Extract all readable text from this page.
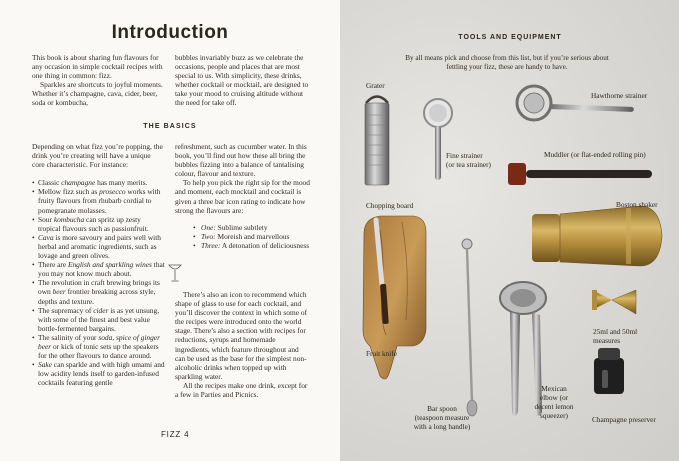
Introduction

This book is about sharing fun flavours for any occasion in simple cocktail recipes with one thing in common: fizz.

Sparkles are shortcuts to joyful moments. Whether it’s champagne, cava, cider, beer, soda or kombucha,

bubbles invariably buzz as we celebrate the occasions, people and places that are most special to us. With simplicity, these drinks, whether cocktail or mocktail, are designed to take your mood to cruising altitude without the need for take off.

THE BASICS

Depending on what fizz you’re popping, the drink you’re creating will have a unique core characteristic. For instance:

• Classic champagne has many merits.
• Mellow fizz such as prosecco works with fruity flavours from rhubarb cordial to pomegranate molasses.
• Sour kombucha can spritz up zesty tropical flavours such as passionfruit.
• Cava is more savoury and pairs well with herbal and aromatic ingredients, such as lovage and green olives.
• There are English and sparkling wines that you may not know much about.
• The revolution in craft brewing brings its own beer frontier breaking across style, depths and texture.
• The supremacy of cider is as yet unsung, with some of the finest and best value bottle-fermented bargains.
• The salinity of your soda, spice of ginger beer or kick of tonic sets up the speakers for the other flavours to dance around.
• Sake can sparkle and with high umami and low acidity lends itself to garden-infused cocktails featuring gentle

refreshment, such as cucumber water. In this book, you’ll find out how these all bring the bubbles fizzing into a balance of tantalising colour, flavour and texture.

To help you pick the right sip for the mood and moment, each mocktail and cocktail is given a three bar icon rating to indicate how strong the flavours are:

• One: Sublime subtlety
• Two: Moreish and marvellous
• Three: A detonation of deliciousness

There’s also an icon to recommend which shape of glass to use for each cocktail, and you’ll discover the context in which some of the recipes were introduced onto the world stage. There’s also a section with recipes for reductions, syrups and homemade ingredients, which feature throughout and can be used as the base for the simplest non-alcoholic drinks when topped up with sparkling water.

All the recipes make one drink, except for a few in Parties and Picnics.

FIZZ 4
TOOLS AND EQUIPMENT
By all means pick and choose from this list, but if you’re serious about fettling your fizz, these are handy to have.
Grater
Hawthorne strainer
Fine strainer
(or tea strainer)
Muddler (or flat-ended rolling pin)
Chopping board	Boston shaker
25ml and 50ml
measures
Fruit knife
Mexican
elbow (or
decent lemon
squeezer)
Bar spoon
(teaspoon measure
with a long handle)
Champagne preserver
